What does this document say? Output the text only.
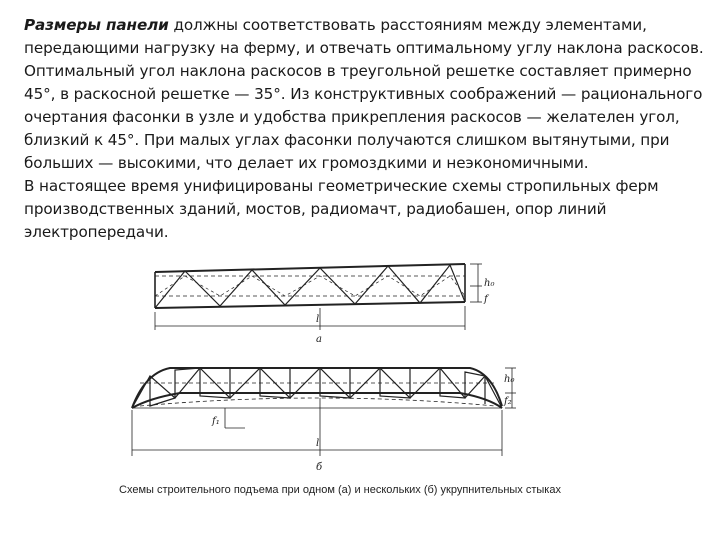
Размеры панели должны соответствовать расстояниям между элементами, передающими нагрузку на ферму, и отвечать оптимальному углу наклона раскосов. Оптимальный угол наклона раскосов в треугольной решетке составляет примерно 45°, в раскосной решетке — 35°. Из конструктивных соображений — рационального очертания фасонки в узле и удобства прикрепления раскосов — желателен угол, близкий к 45°. При малых углах фасонки получаются слишком вытянутыми, при больших — высокими, что делает их громоздкими и неэкономичными.

В настоящее время унифицированы геометрические схемы стропильных ферм производственных зданий, мостов, радиомачт, радиобашен, опор линий электропередачи.

h₀
f
l
а
h₀
f₁
f₂
l
б
Схемы строительного подъема при одном (а) и нескольких (б) укрупнительных стыках
